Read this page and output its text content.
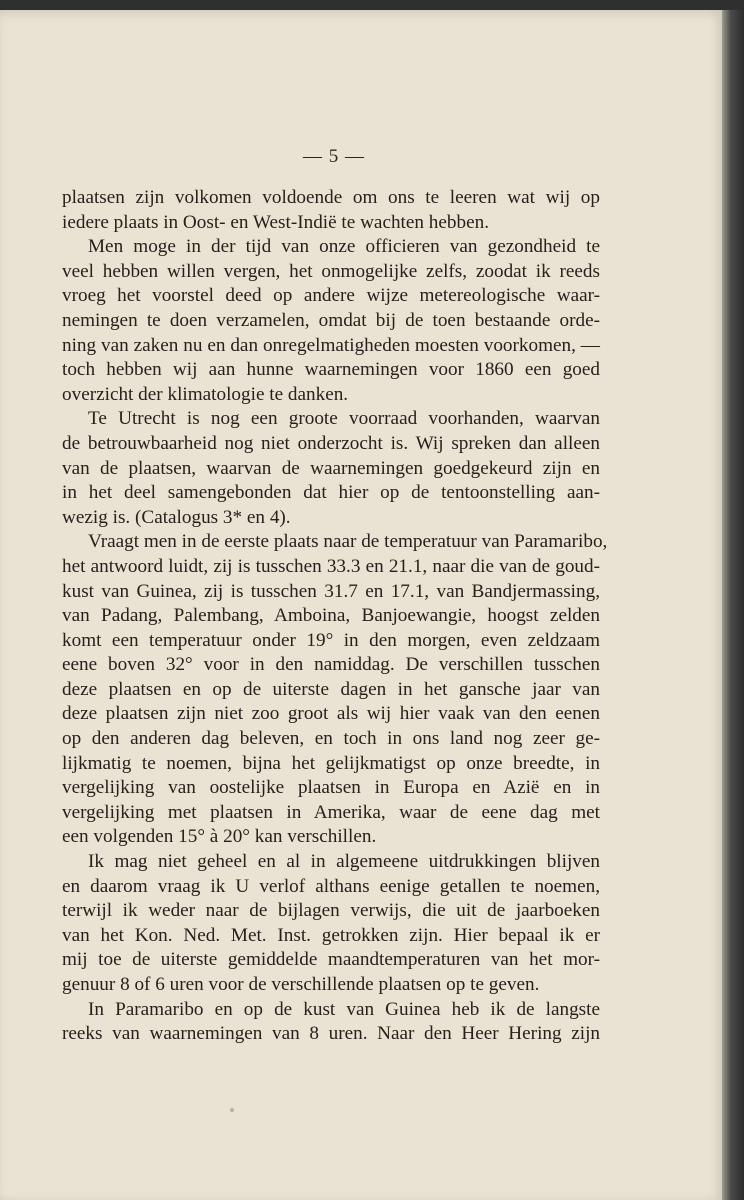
— 5 —
plaatsen zijn volkomen voldoende om ons te leeren wat wij op
iedere plaats in Oost- en West-Indië te wachten hebben.
Men moge in der tijd van onze officieren van gezondheid te
veel hebben willen vergen, het onmogelijke zelfs, zoodat ik reeds
vroeg het voorstel deed op andere wijze metereologische waar-
nemingen te doen verzamelen, omdat bij de toen bestaande orde-
ning van zaken nu en dan onregelmatigheden moesten voorkomen, —
toch hebben wij aan hunne waarnemingen voor 1860 een goed
overzicht der klimatologie te danken.
Te Utrecht is nog een groote voorraad voorhanden, waarvan
de betrouwbaarheid nog niet onderzocht is. Wij spreken dan alleen
van de plaatsen, waarvan de waarnemingen goedgekeurd zijn en
in het deel samengebonden dat hier op de tentoonstelling aan-
wezig is. (Catalogus 3* en 4).
Vraagt men in de eerste plaats naar de temperatuur van Paramaribo,
het antwoord luidt, zij is tusschen 33.3 en 21.1, naar die van de goud-
kust van Guinea, zij is tusschen 31.7 en 17.1, van Bandjermassing,
van Padang, Palembang, Amboina, Banjoewangie, hoogst zelden
komt een temperatuur onder 19° in den morgen, even zeldzaam
eene boven 32° voor in den namiddag. De verschillen tusschen
deze plaatsen en op de uiterste dagen in het gansche jaar van
deze plaatsen zijn niet zoo groot als wij hier vaak van den eenen
op den anderen dag beleven, en toch in ons land nog zeer ge-
lijkmatig te noemen, bijna het gelijkmatigst op onze breedte, in
vergelijking van oostelijke plaatsen in Europa en Azië en in
vergelijking met plaatsen in Amerika, waar de eene dag met
een volgenden 15° à 20° kan verschillen.
Ik mag niet geheel en al in algemeene uitdrukkingen blijven
en daarom vraag ik U verlof althans eenige getallen te noemen,
terwijl ik weder naar de bijlagen verwijs, die uit de jaarboeken
van het Kon. Ned. Met. Inst. getrokken zijn. Hier bepaal ik er
mij toe de uiterste gemiddelde maandtemperaturen van het mor-
genuur 8 of 6 uren voor de verschillende plaatsen op te geven.
In Paramaribo en op de kust van Guinea heb ik de langste
reeks van waarnemingen van 8 uren. Naar den Heer Hering zijn
